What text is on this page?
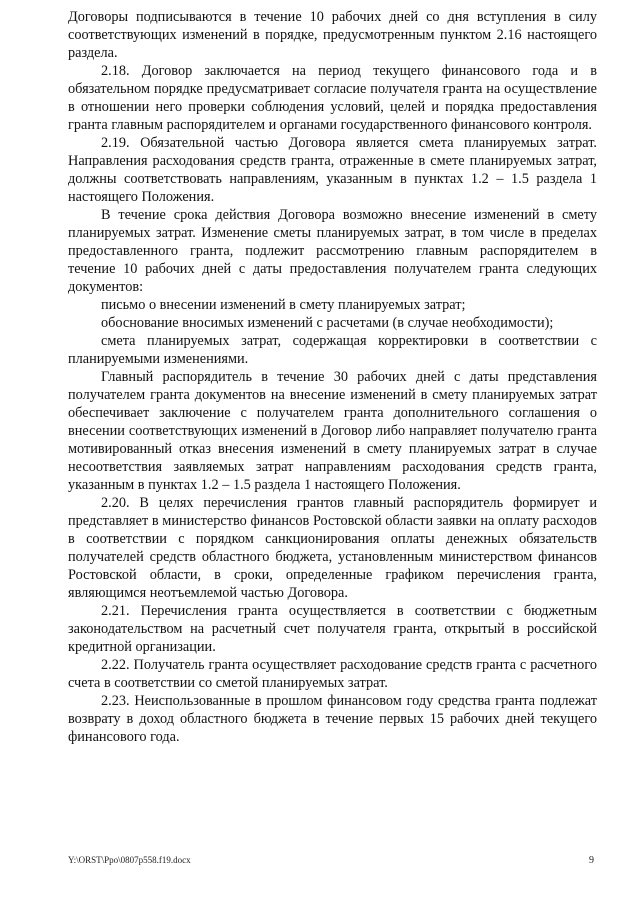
Договоры подписываются в течение 10 рабочих дней со дня вступления в силу соответствующих изменений в порядке, предусмотренным пунктом 2.16 настоящего раздела.

2.18. Договор заключается на период текущего финансового года и в обязательном порядке предусматривает согласие получателя гранта на осуществление в отношении него проверки соблюдения условий, целей и порядка предоставления гранта главным распорядителем и органами государственного финансового контроля.

2.19. Обязательной частью Договора является смета планируемых затрат. Направления расходования средств гранта, отраженные в смете планируемых затрат, должны соответствовать направлениям, указанным в пунктах 1.2 – 1.5 раздела 1 настоящего Положения.

В течение срока действия Договора возможно внесение изменений в смету планируемых затрат. Изменение сметы планируемых затрат, в том числе в пределах предоставленного гранта, подлежит рассмотрению главным распорядителем в течение 10 рабочих дней с даты предоставления получателем гранта следующих документов:

письмо о внесении изменений в смету планируемых затрат;

обоснование вносимых изменений с расчетами (в случае необходимости);

смета планируемых затрат, содержащая корректировки в соответствии с планируемыми изменениями.

Главный распорядитель в течение 30 рабочих дней с даты представления получателем гранта документов на внесение изменений в смету планируемых затрат обеспечивает заключение с получателем гранта дополнительного соглашения о внесении соответствующих изменений в Договор либо направляет получателю гранта мотивированный отказ внесения изменений в смету планируемых затрат в случае несоответствия заявляемых затрат направлениям расходования средств гранта, указанным в пунктах 1.2 – 1.5 раздела 1 настоящего Положения.

2.20. В целях перечисления грантов главный распорядитель формирует и представляет в министерство финансов Ростовской области заявки на оплату расходов в соответствии с порядком санкционирования оплаты денежных обязательств получателей средств областного бюджета, установленным министерством финансов Ростовской области, в сроки, определенные графиком перечисления гранта, являющимся неотъемлемой частью Договора.

2.21. Перечисления гранта осуществляется в соответствии с бюджетным законодательством на расчетный счет получателя гранта, открытый в российской кредитной организации.

2.22. Получатель гранта осуществляет расходование средств гранта с расчетного счета в соответствии со сметой планируемых затрат.

2.23. Неиспользованные в прошлом финансовом году средства гранта подлежат возврату в доход областного бюджета в течение первых 15 рабочих дней текущего финансового года.

Y:\ORST\Ppo\0807p558.f19.docx	9
